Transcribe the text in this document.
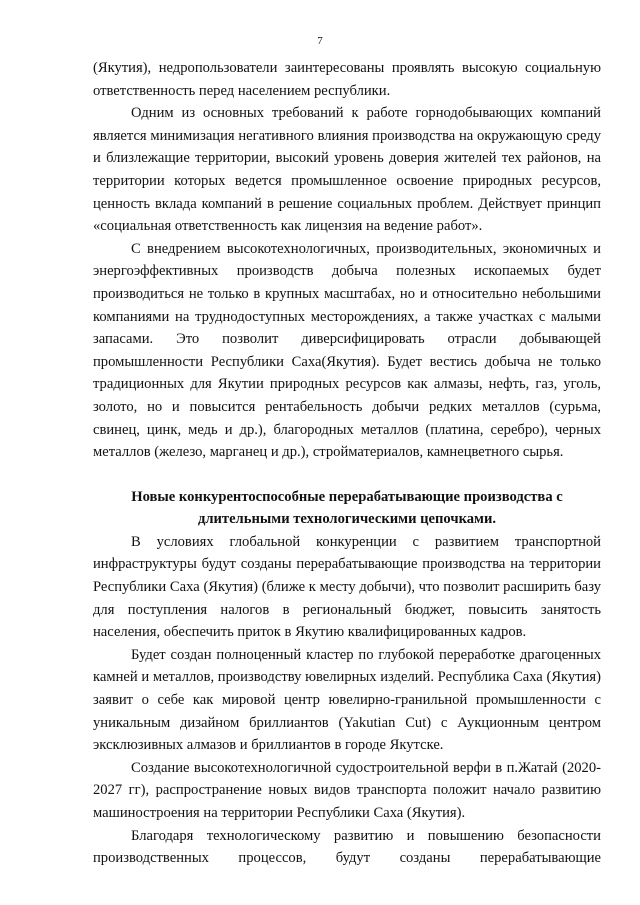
7

(Якутия), недропользователи заинтересованы проявлять высокую социальную ответственность перед населением республики.

Одним из основных требований к работе горнодобывающих компаний является минимизация негативного влияния производства на окружающую среду и близлежащие территории, высокий уровень доверия жителей тех районов, на территории которых ведется промышленное освоение природных ресурсов, ценность вклада компаний в решение социальных проблем. Действует принцип «социальная ответственность как лицензия на ведение работ».

С внедрением высокотехнологичных, производительных, экономичных и энергоэффективных производств добыча полезных ископаемых будет производиться не только в крупных масштабах, но и относительно небольшими компаниями на труднодоступных месторождениях, а также участках с малыми запасами. Это позволит диверсифицировать отрасли добывающей промышленности Республики Саха(Якутия). Будет вестись добыча не только традиционных для Якутии природных ресурсов как алмазы, нефть, газ, уголь, золото, но и повысится рентабельность добычи редких металлов (сурьма, свинец, цинк, медь и др.), благородных металлов (платина, серебро), черных металлов (железо, марганец и др.), стройматериалов, камнецветного сырья.

Новые конкурентоспособные перерабатывающие производства с длительными технологическими цепочками.

В условиях глобальной конкуренции с развитием транспортной инфраструктуры будут созданы перерабатывающие производства на территории Республики Саха (Якутия) (ближе к месту добычи), что позволит расширить базу для поступления налогов в региональный бюджет, повысить занятость населения, обеспечить приток в Якутию квалифицированных кадров.

Будет создан полноценный кластер по глубокой переработке драгоценных камней и металлов, производству ювелирных изделий. Республика Саха (Якутия) заявит о себе как мировой центр ювелирно-гранильной промышленности с уникальным дизайном бриллиантов (Yakutian Cut) с Аукционным центром эксклюзивных алмазов и бриллиантов в городе Якутске.

Создание высокотехнологичной судостроительной верфи в п.Жатай (2020-2027 гг), распространение новых видов транспорта положит начало развитию машиностроения на территории Республики Саха (Якутия).

Благодаря технологическому развитию и повышению безопасности производственных процессов, будут созданы перерабатывающие
